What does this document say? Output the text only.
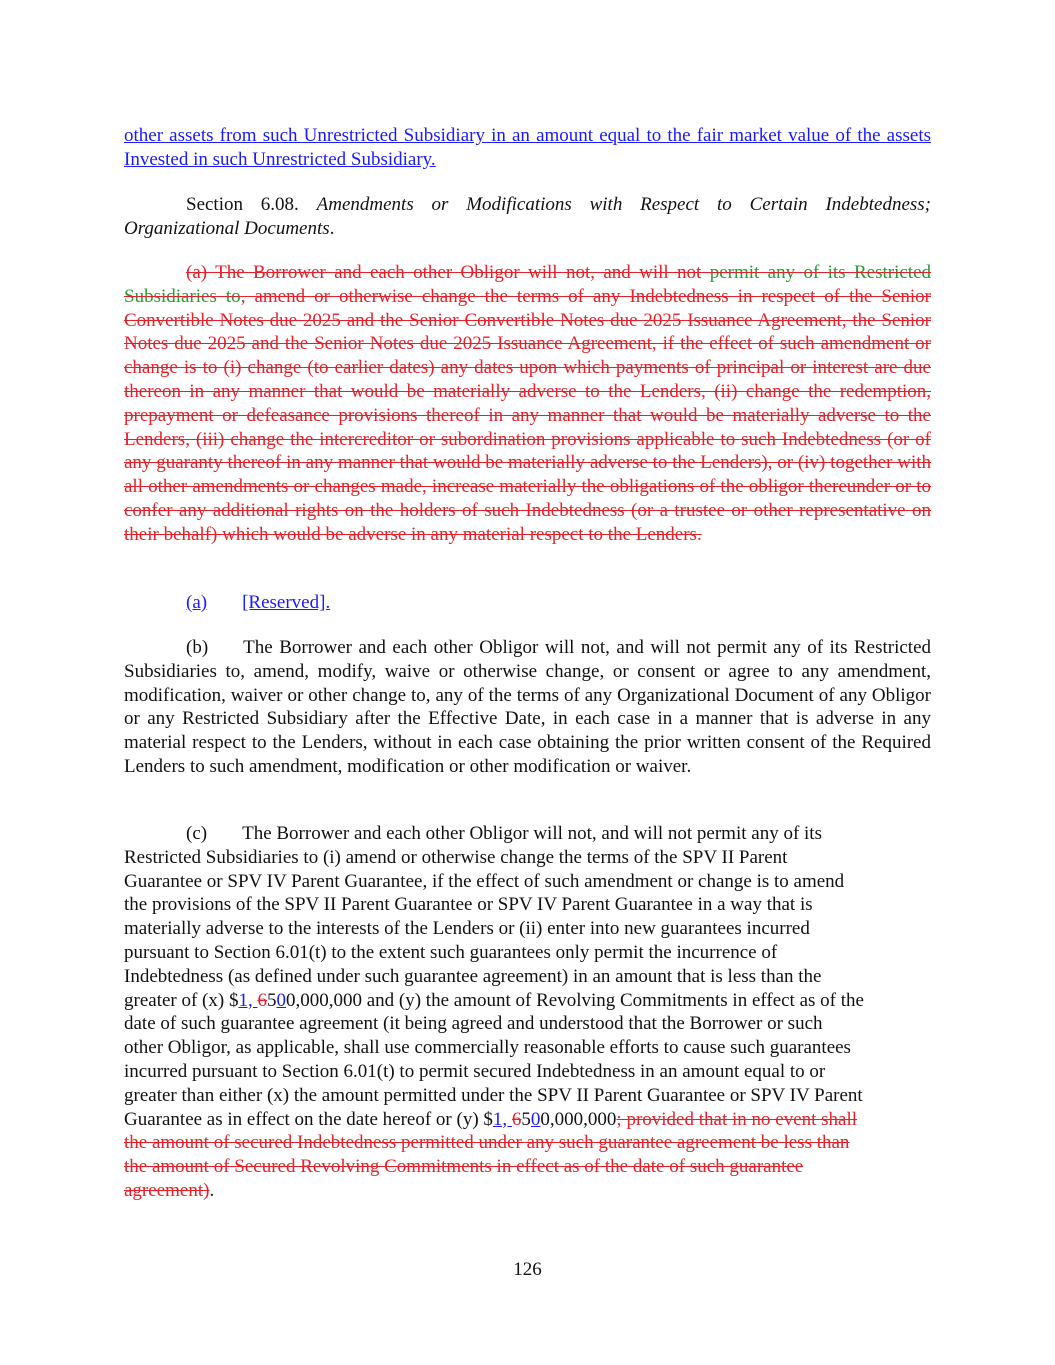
other assets from such Unrestricted Subsidiary in an amount equal to the fair market value of the assets Invested in such Unrestricted Subsidiary.

Section 6.08. Amendments or Modifications with Respect to Certain Indebtedness; Organizational Documents.

(a) The Borrower and each other Obligor will not, and will not permit any of its Restricted Subsidiaries to, amend or otherwise change the terms of any Indebtedness in respect of the Senior Convertible Notes due 2025 and the Senior Convertible Notes due 2025 Issuance Agreement, the Senior Notes due 2025 and the Senior Notes due 2025 Issuance Agreement, if the effect of such amendment or change is to (i) change (to earlier dates) any dates upon which payments of principal or interest are due thereon in any manner that would be materially adverse to the Lenders, (ii) change the redemption, prepayment or defeasance provisions thereof in any manner that would be materially adverse to the Lenders, (iii) change the intercreditor or subordination provisions applicable to such Indebtedness (or of any guaranty thereof in any manner that would be materially adverse to the Lenders), or (iv) together with all other amendments or changes made, increase materially the obligations of the obligor thereunder or to confer any additional rights on the holders of such Indebtedness (or a trustee or other representative on their behalf) which would be adverse in any material respect to the Lenders.

(a) [Reserved].

(b) The Borrower and each other Obligor will not, and will not permit any of its Restricted Subsidiaries to, amend, modify, waive or otherwise change, or consent or agree to any amendment, modification, waiver or other change to, any of the terms of any Organizational Document of any Obligor or any Restricted Subsidiary after the Effective Date, in each case in a manner that is adverse in any material respect to the Lenders, without in each case obtaining the prior written consent of the Required Lenders to such amendment, modification or other modification or waiver.

(c) The Borrower and each other Obligor will not, and will not permit any of its
Restricted Subsidiaries to (i) amend or otherwise change the terms of the SPV II Parent
Guarantee or SPV IV Parent Guarantee, if the effect of such amendment or change is to amend
the provisions of the SPV II Parent Guarantee or SPV IV Parent Guarantee in a way that is
materially adverse to the interests of the Lenders or (ii) enter into new guarantees incurred
pursuant to Section 6.01(t) to the extent such guarantees only permit the incurrence of
Indebtedness (as defined under such guarantee agreement) in an amount that is less than the
greater of (x) $1, 6500,000,000 and (y) the amount of Revolving Commitments in effect as of the
date of such guarantee agreement (it being agreed and understood that the Borrower or such
other Obligor, as applicable, shall use commercially reasonable efforts to cause such guarantees
incurred pursuant to Section 6.01(t) to permit secured Indebtedness in an amount equal to or
greater than either (x) the amount permitted under the SPV II Parent Guarantee or SPV IV Parent
Guarantee as in effect on the date hereof or (y) $1, 6500,000,000; provided that in no event shall
the amount of secured Indebtedness permitted under any such guarantee agreement be less than
the amount of Secured Revolving Commitments in effect as of the date of such guarantee
agreement).
126
